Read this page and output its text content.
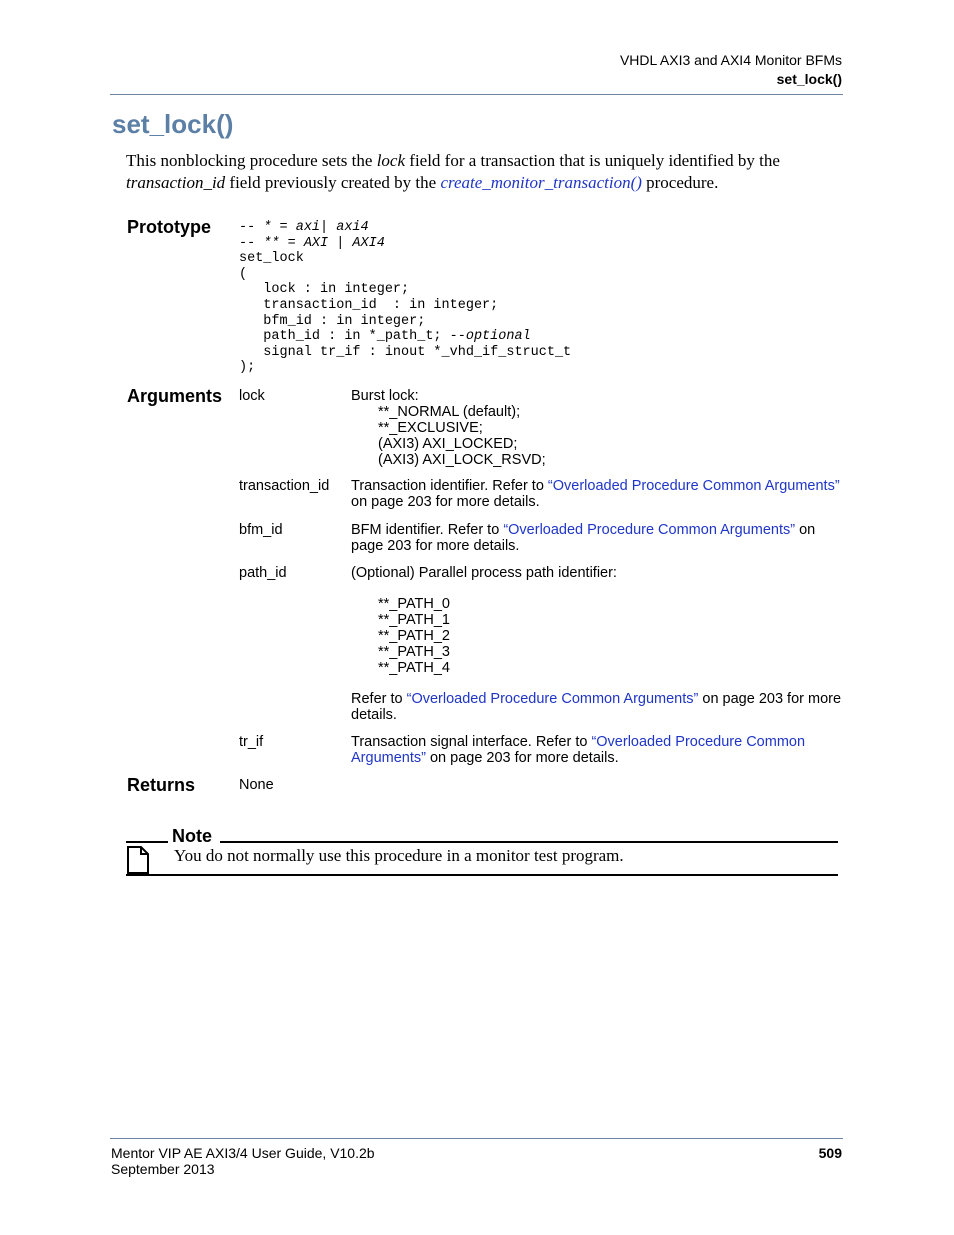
VHDL AXI3 and AXI4 Monitor BFMs
set_lock()
set_lock()
This nonblocking procedure sets the lock field for a transaction that is uniquely identified by the transaction_id field previously created by the create_monitor_transaction() procedure.
Prototype -- * = axi| axi4
-- ** = AXI | AXI4
set_lock
(
lock : in integer;
transaction_id  : in integer;
bfm_id : in integer;
path_id : in *_path_t; --optional
signal tr_if : inout *_vhd_if_struct_t
);
Arguments lock	Burst lock:
**_NORMAL (default);
**_EXCLUSIVE;
(AXI3) AXI_LOCKED;
(AXI3) AXI_LOCK_RSVD;
transaction_id Transaction identifier. Refer to “Overloaded Procedure Common Arguments” on page 203 for more details.
bfm_id	BFM identifier. Refer to “Overloaded Procedure Common Arguments” on page 203 for more details.
path_id	(Optional) Parallel process path identifier:
**_PATH_0
**_PATH_1
**_PATH_2
**_PATH_3
**_PATH_4
Refer to “Overloaded Procedure Common Arguments” on page 203 for more details.
tr_if	Transaction signal interface. Refer to “Overloaded Procedure Common Arguments” on page 203 for more details.
Returns	None
Note
You do not normally use this procedure in a monitor test program.
Mentor VIP AE AXI3/4 User Guide, V10.2b
September 2013
509
